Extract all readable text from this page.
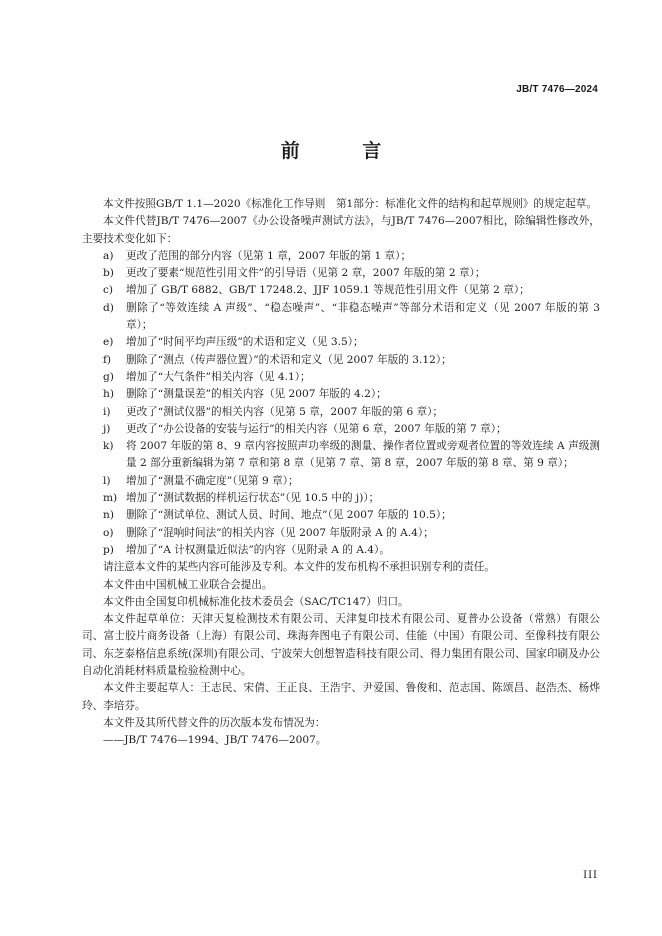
JB/T 7476—2024
前 言

本文件按照GB/T 1.1—2020《标准化工作导则　第1部分：标准化文件的结构和起草规则》的规定起草。

本文件代替JB/T 7476—2007《办公设备噪声测试方法》，与JB/T 7476—2007相比，除编辑性修改外，主要技术变化如下：

a) 更改了范围的部分内容（见第 1 章，2007 年版的第 1 章）；
b) 更改了要素“规范性引用文件”的引导语（见第 2 章，2007 年版的第 2 章）；
c) 增加了 GB/T 6882、GB/T 17248.2、JJF 1059.1 等规范性引用文件（见第 2 章）；
d) 删除了“等效连续 A 声级”、“稳态噪声”、“非稳态噪声”等部分术语和定义（见 2007 年版的第 3 章）；
e) 增加了“时间平均声压级”的术语和定义（见 3.5）；
f) 删除了“测点（传声器位置）”的术语和定义（见 2007 年版的 3.12）；
g) 增加了“大气条件”相关内容（见 4.1）；
h) 删除了“测量误差”的相关内容（见 2007 年版的 4.2）；
i) 更改了“测试仪器”的相关内容（见第 5 章，2007 年版的第 6 章）；
j) 更改了“办公设备的安装与运行”的相关内容（见第 6 章，2007 年版的第 7 章）；
k) 将 2007 年版的第 8、9 章内容按照声功率级的测量、操作者位置或旁观者位置的等效连续 A 声级测量 2 部分重新编辑为第 7 章和第 8 章（见第 7 章、第 8 章，2007 年版的第 8 章、第 9 章）；
l) 增加了“测量不确定度”（见第 9 章）；
m) 增加了“测试数据的样机运行状态”（见 10.5 中的 j)）；
n) 删除了“测试单位、测试人员、时间、地点”（见 2007 年版的 10.5）；
o) 删除了“混响时间法”的相关内容（见 2007 年版附录 A 的 A.4）；
p) 增加了“A 计权测量近似法”的内容（见附录 A 的 A.4）。

请注意本文件的某些内容可能涉及专利。本文件的发布机构不承担识别专利的责任。

本文件由中国机械工业联合会提出。

本文件由全国复印机械标准化技术委员会（SAC/TC147）归口。

本文件起草单位：天津天复检测技术有限公司、天津复印技术有限公司、夏普办公设备（常熟）有限公司、富士胶片商务设备（上海）有限公司、珠海奔图电子有限公司、佳能（中国）有限公司、至像科技有限公司、东芝泰格信息系统(深圳)有限公司、宁波荣大创想智造科技有限公司、得力集团有限公司、国家印刷及办公自动化消耗材料质量检验检测中心。

本文件主要起草人：王志民、宋倩、王正良、王浩宇、尹爱国、鲁俊和、范志国、陈颂昌、赵浩杰、杨烨玲、李培芬。

本文件及其所代替文件的历次版本发布情况为：

——JB/T 7476—1994、JB/T 7476—2007。

III
